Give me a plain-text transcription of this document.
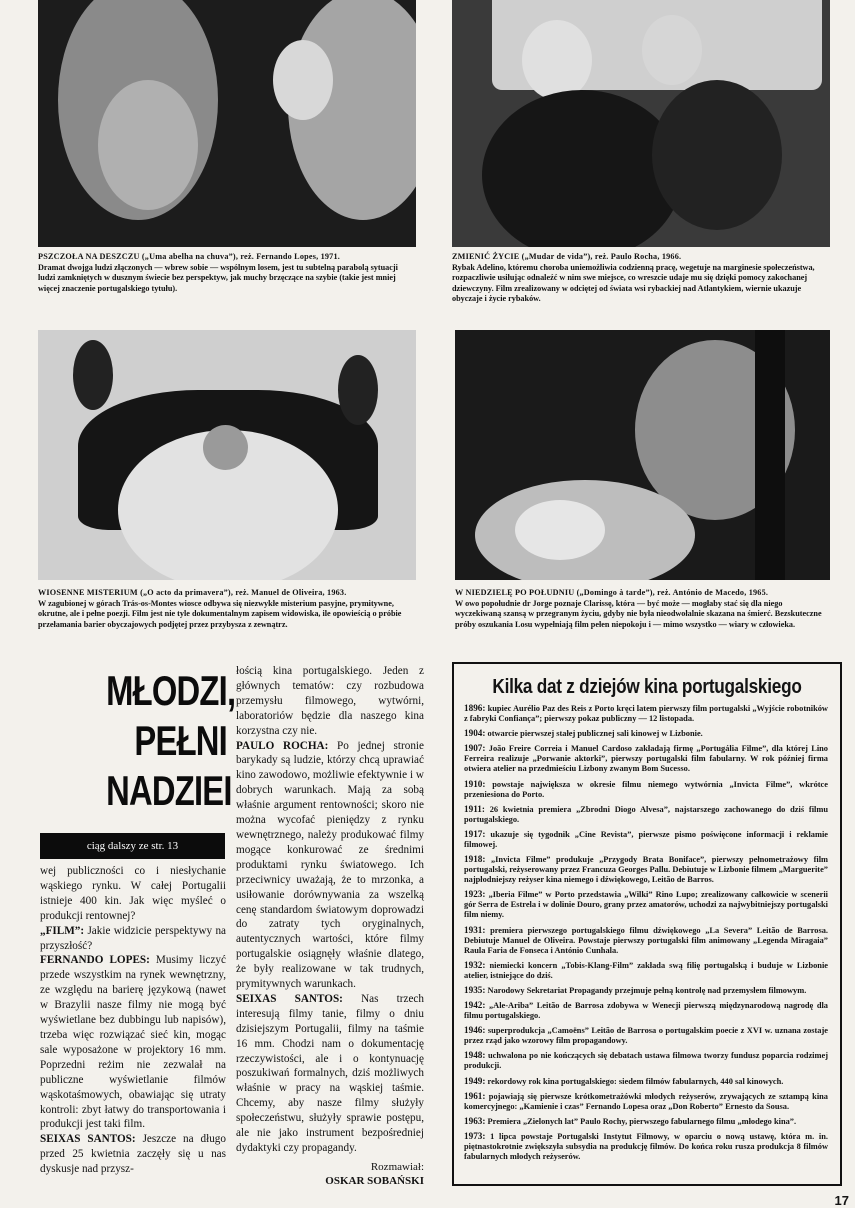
PSZCZOŁA NA DESZCZU („Uma abelha na chuva”), reż. Fernando Lopes, 1971.
Dramat dwojga ludzi złączonych — wbrew sobie — wspólnym losem, jest tu subtelną parabolą sytuacji ludzi zamkniętych w dusznym świecie bez perspektyw, jak muchy brzęczące na szybie (takie jest mniej więcej znaczenie portugalskiego tytułu).
ZMIENIĆ ŻYCIE („Mudar de vida”), reż. Paulo Rocha, 1966.
Rybak Adelino, któremu choroba uniemożliwia codzienną pracę, wegetuje na marginesie społeczeństwa, rozpaczliwie usiłując odnaleźć w nim swe miejsce, co wreszcie udaje mu się dzięki pomocy zakochanej dziewczyny. Film zrealizowany w odciętej od świata wsi rybackiej nad Atlantykiem, wiernie ukazuje obyczaje i życie rybaków.
WIOSENNE MISTERIUM („O acto da primavera”), reż. Manuel de Oliveira, 1963.
W zagubionej w górach Trás-os-Montes wiosce odbywa się niezwykłe misterium pasyjne, prymitywne, okrutne, ale i pełne poezji. Film jest nie tyle dokumentalnym zapisem widowiska, ile opowieścią o próbie przełamania barier obyczajowych podjętej przez przybysza z zewnątrz.
W NIEDZIELĘ PO POŁUDNIU („Domingo à tarde”), reż. António de Macedo, 1965.
W owo popołudnie dr Jorge poznaje Clarissę, która — być może — mogłaby stać się dla niego wyczekiwaną szansą w przegranym życiu, gdyby nie była nieodwołalnie skazana na śmierć. Bezskuteczne próby oszukania Losu wypełniają film pełen niepokoju i — mimo wszystko — wiary w człowieka.
MŁODZI,
PEŁNI
NADZIEI
ciąg dalszy ze str. 13

wej publiczności co i niesłychanie wąskiego rynku. W całej Portugalii istnieje 400 kin. Jak więc myśleć o produkcji rentownej?

„FILM”: Jakie widzicie perspektywy na przyszłość?

FERNANDO LOPES: Musimy liczyć przede wszystkim na rynek wewnętrzny, ze względu na barierę językową (nawet w Brazylii nasze filmy nie mogą być wyświetlane bez dubbingu lub napisów), trzeba więc rozwiązać sieć kin, mogąc sale wyposażone w projektory 16 mm. Poprzedni reżim nie zezwalał na publiczne wyświetlanie filmów wąskotaśmowych, obawiając się utraty kontroli: zbyt łatwy do transportowania i produkcji jest taki film.

SEIXAS SANTOS: Jeszcze na długo przed 25 kwietnia zaczęły się u nas dyskusje nad przysz-

łością kina portugalskiego. Jeden z głównych tematów: czy rozbudowa przemysłu filmowego, wytwórni, laboratoriów będzie dla naszego kina korzystna czy nie.

PAULO ROCHA: Po jednej stronie barykady są ludzie, którzy chcą uprawiać kino zawodowo, możliwie efektywnie i w dobrych warunkach. Mają za sobą właśnie argument rentowności; skoro nie można wycofać pieniędzy z rynku wewnętrznego, należy produkować filmy mogące konkurować ze średnimi produktami rynku światowego. Ich przeciwnicy uważają, że to mrzonka, a usiłowanie dorównywania za wszelką cenę standardom światowym doprowadzi do zatraty tych oryginalnych, autentycznych wartości, które filmy portugalskie osiągnęły właśnie dlatego, że były realizowane w tak trudnych, prymitywnych warunkach.

SEIXAS SANTOS: Nas trzech interesują filmy tanie, filmy o dniu dzisiejszym Portugalii, filmy na taśmie 16 mm. Chodzi nam o dokumentację rzeczywistości, ale i o kontynuację poszukiwań formalnych, dziś możliwych właśnie w pracy na wąskiej taśmie. Chcemy, aby nasze filmy służyły społeczeństwu, służyły sprawie postępu, ale nie jako instrument bezpośredniej dydaktyki czy propagandy.

Rozmawiał:
OSKAR SOBAŃSKI
Kilka dat z dziejów kina portugalskiego
1896: kupiec Aurélio Paz des Reis z Porto kręci latem pierwszy film portugalski „Wyjście robotników z fabryki Confiança”; pierwszy pokaz publiczny — 12 listopada.
1904: otwarcie pierwszej stałej publicznej sali kinowej w Lizbonie.
1907: João Freire Correia i Manuel Cardoso zakładają firmę „Portugália Filme”, dla której Lino Ferreira realizuje „Porwanie aktorki”, pierwszy portugalski film fabularny. W rok później firma otwiera atelier na przedmieściu Lizbony zwanym Bom Sucesso.
1910: powstaje największa w okresie filmu niemego wytwórnia „Invicta Filme”, wkrótce przeniesiona do Porto.
1911: 26 kwietnia premiera „Zbrodni Diogo Alvesa”, najstarszego zachowanego do dziś filmu portugalskiego.
1917: ukazuje się tygodnik „Cine Revista”, pierwsze pismo poświęcone informacji i reklamie filmowej.
1918: „Invicta Filme” produkuje „Przygody Brata Boniface”, pierwszy pełnometrażowy film portugalski, reżyserowany przez Francuza Georges Pallu. Debiutuje w Lizbonie filmem „Marguerite” najpłodniejszy reżyser kina niemego i dźwiękowego, Leitão de Barros.
1923: „Iberia Filme” w Porto przedstawia „Wilki” Rino Lupo; zrealizowany całkowicie w scenerii gór Serra de Estrela i w dolinie Douro, grany przez amatorów, uchodzi za najwybitniejszy portugalski film niemy.
1931: premiera pierwszego portugalskiego filmu dźwiękowego „La Severa” Leitão de Barrosa. Debiutuje Manuel de Oliveira. Powstaje pierwszy portugalski film animowany „Legenda Miragaia” Raula Faria de Fonseca i António Cunhala.
1932: niemiecki koncern „Tobis-Klang-Film” zakłada swą filię portugalską i buduje w Lizbonie atelier, istniejące do dziś.
1935: Narodowy Sekretariat Propagandy przejmuje pełną kontrolę nad przemysłem filmowym.
1942: „Ale-Ariba” Leitão de Barrosa zdobywa w Wenecji pierwszą międzynarodową nagrodę dla filmu portugalskiego.
1946: superprodukcja „Camoëns” Leitão de Barrosa o portugalskim poecie z XVI w. uznana zostaje przez rząd jako wzorowy film propagandowy.
1948: uchwalona po nie kończących się debatach ustawa filmowa tworzy fundusz poparcia rodzimej produkcji.
1949: rekordowy rok kina portugalskiego: siedem filmów fabularnych, 440 sal kinowych.
1961: pojawiają się pierwsze krótkometrażówki młodych reżyserów, zrywających ze sztampą kina komercyjnego: „Kamienie i czas” Fernando Lopesa oraz „Don Roberto” Ernesto da Sousa.
1963: Premiera „Zielonych lat” Paulo Rochy, pierwszego fabularnego filmu „młodego kina”.
1973: 1 lipca powstaje Portugalski Instytut Filmowy, w oparciu o nową ustawę, która m. in. piętnastokrotnie zwiększyła subsydia na produkcję filmów. Do końca roku rusza produkcja 8 filmów fabularnych młodych reżyserów.
17
